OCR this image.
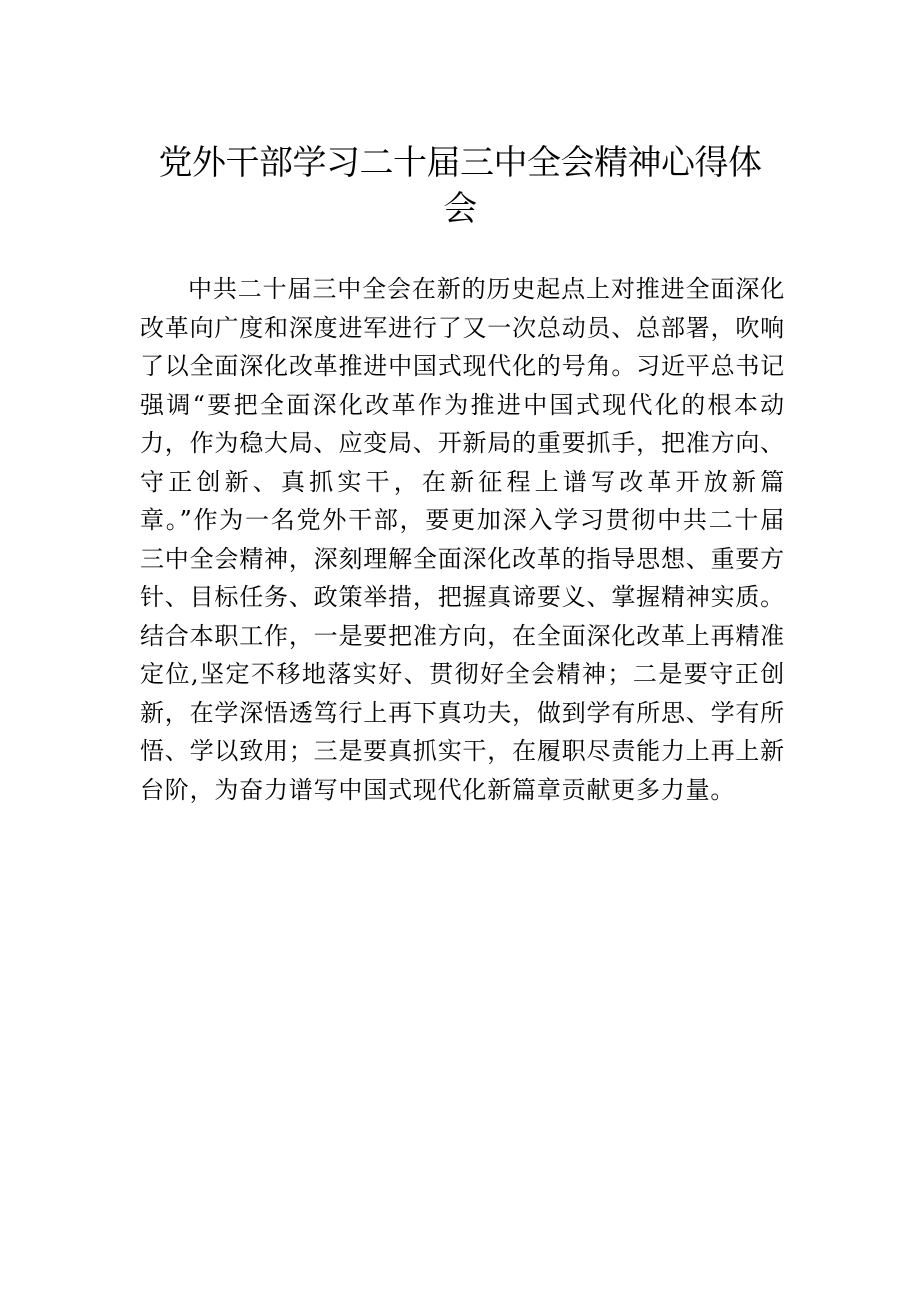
党外干部学习二十届三中全会精神心得体会

中共二十届三中全会在新的历史起点上对推进全面深化改革向广度和深度进军进行了又一次总动员、总部署，吹响了以全面深化改革推进中国式现代化的号角。习近平总书记强调“要把全面深化改革作为推进中国式现代化的根本动力，作为稳大局、应变局、开新局的重要抓手，把准方向、守正创新、真抓实干，在新征程上谱写改革开放新篇章。”作为一名党外干部，要更加深入学习贯彻中共二十届三中全会精神，深刻理解全面深化改革的指导思想、重要方针、目标任务、政策举措，把握真谛要义、掌握精神实质。结合本职工作，一是要把准方向，在全面深化改革上再精准定位,坚定不移地落实好、贯彻好全会精神；二是要守正创新，在学深悟透笃行上再下真功夫，做到学有所思、学有所悟、学以致用；三是要真抓实干，在履职尽责能力上再上新台阶，为奋力谱写中国式现代化新篇章贡献更多力量。
